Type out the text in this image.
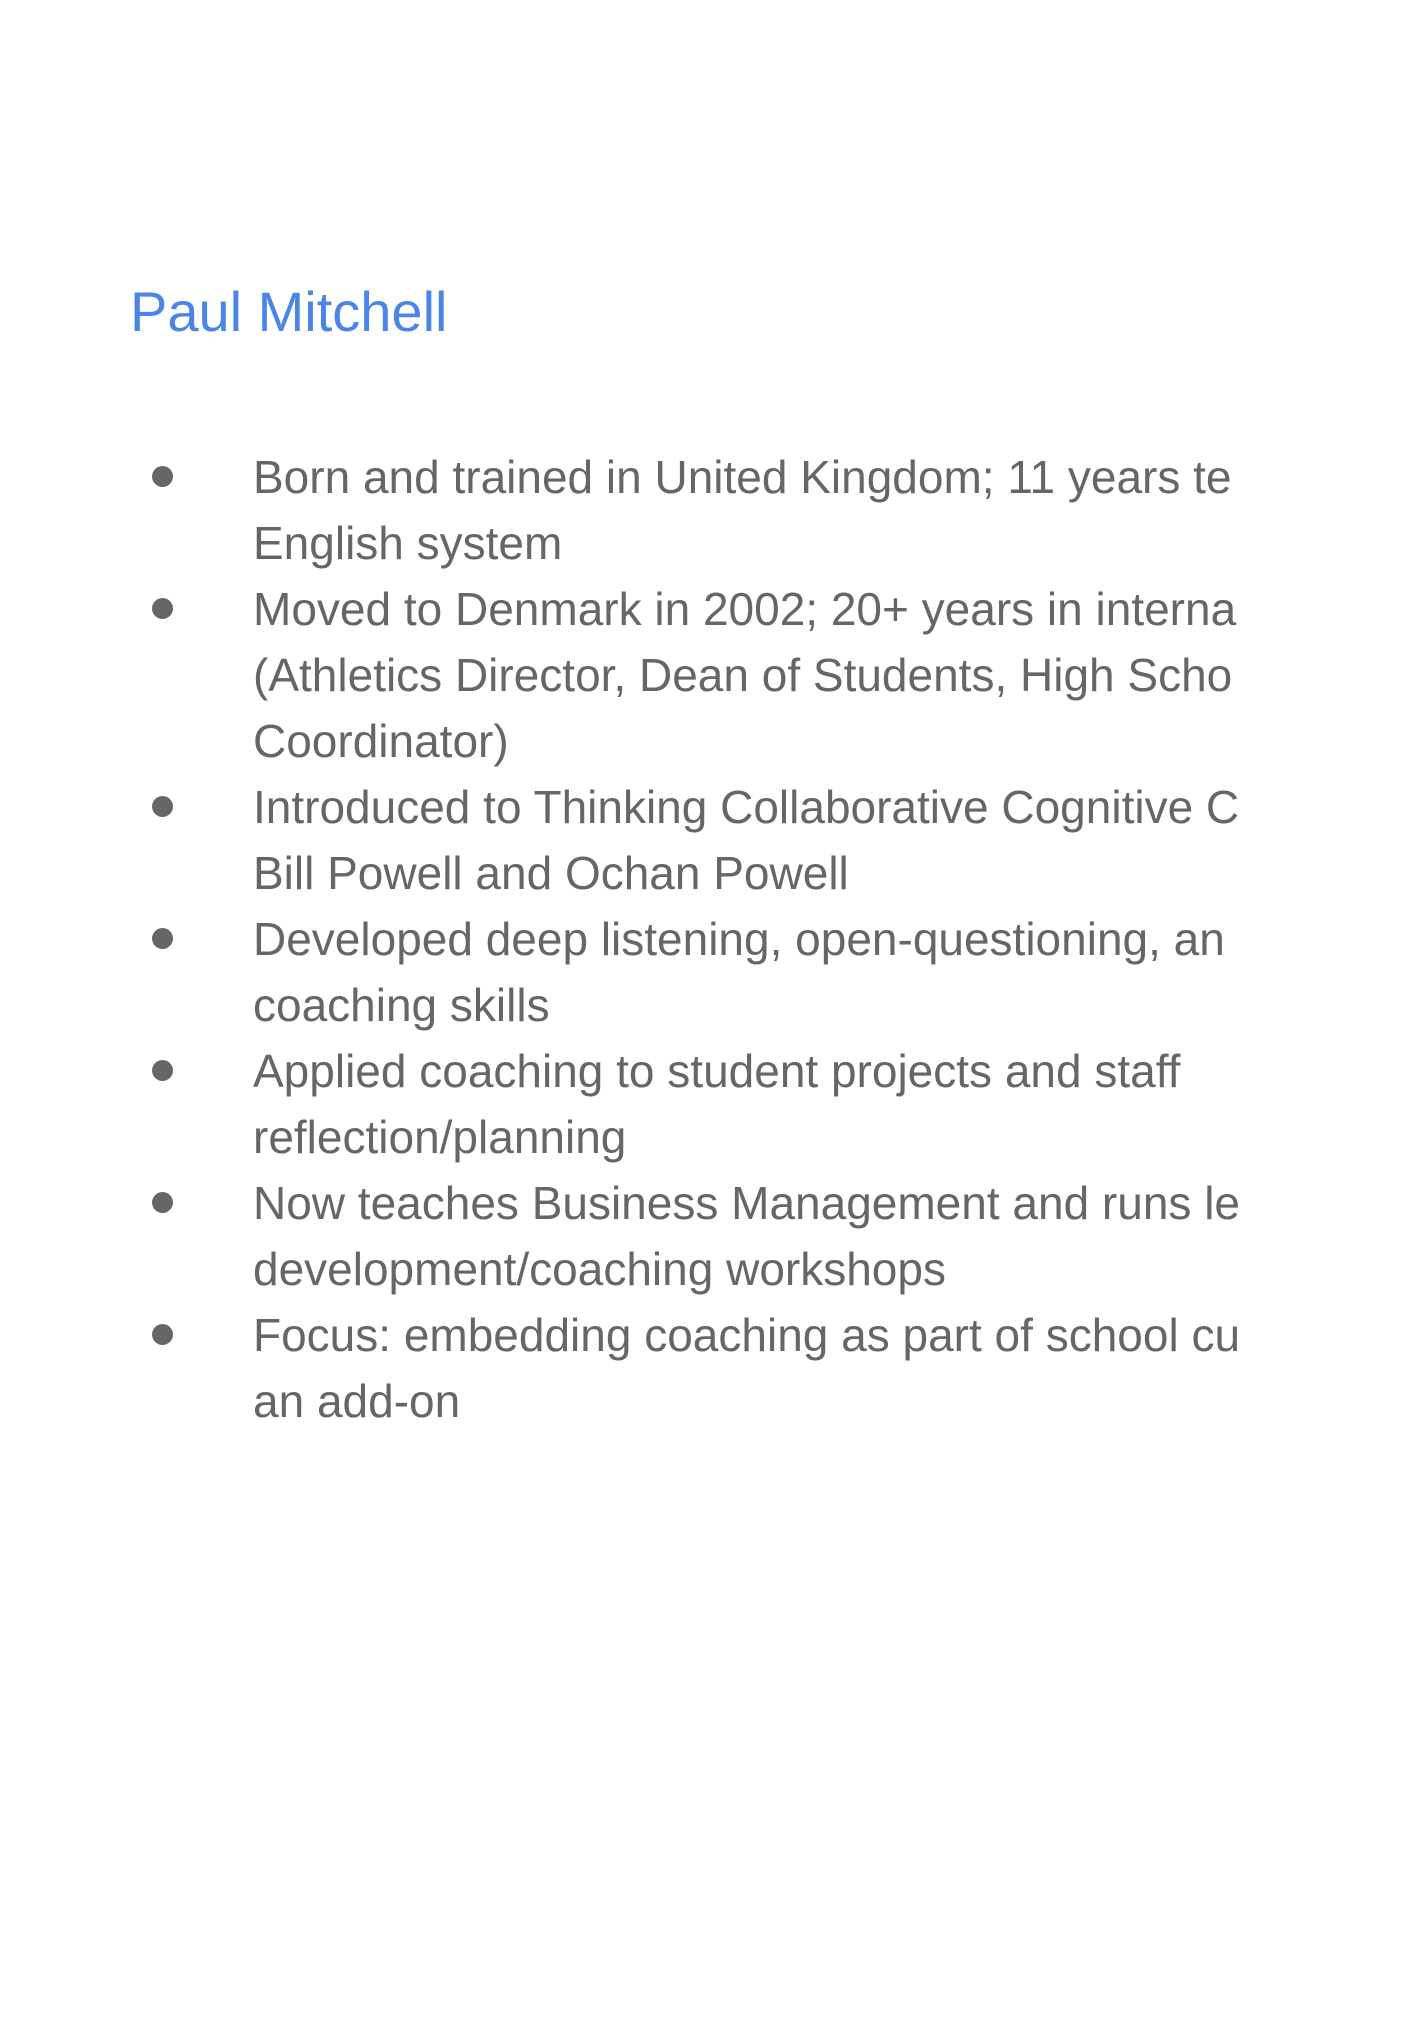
Paul Mitchell
Born and trained in United Kingdom; 11 years te
English system
Moved to Denmark in 2002; 20+ years in interna
(Athletics Director, Dean of Students, High Scho
Coordinator)
Introduced to Thinking Collaborative Cognitive C
Bill Powell and Ochan Powell
Developed deep listening, open-questioning, an
coaching skills
Applied coaching to student projects and staff
reflection/planning
Now teaches Business Management and runs le
development/coaching workshops
Focus: embedding coaching as part of school cu
an add-on
